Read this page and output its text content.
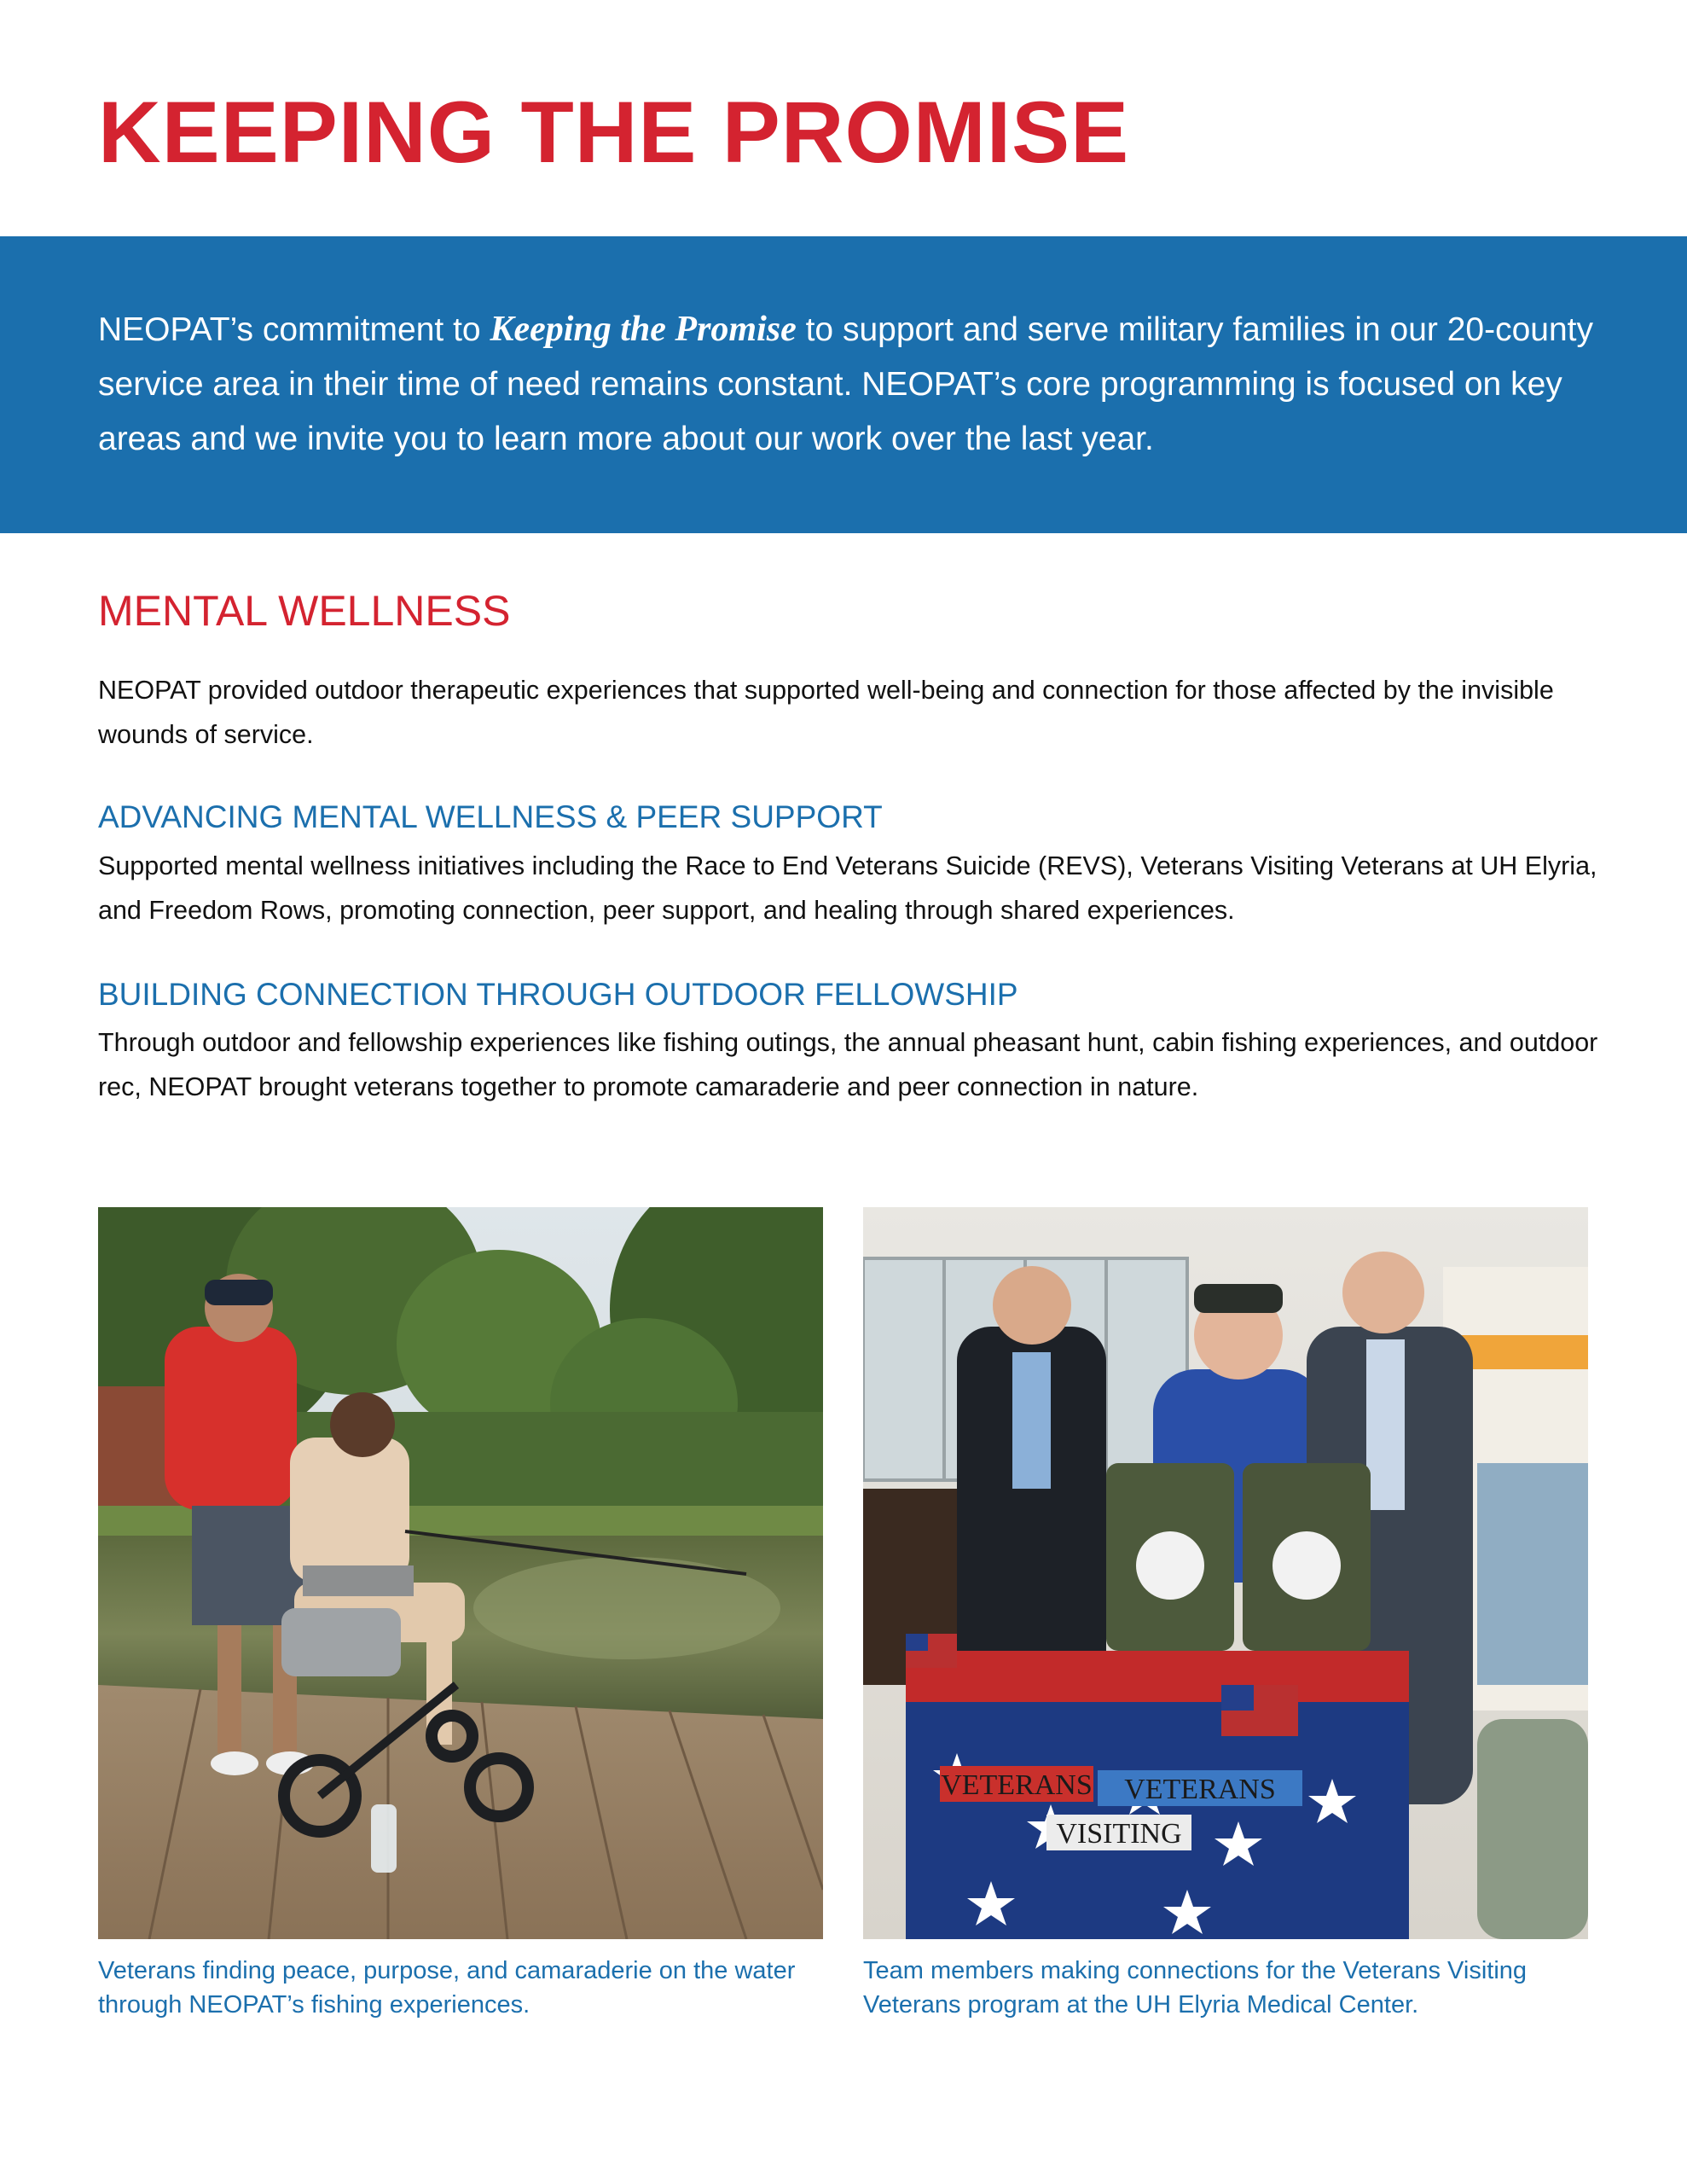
KEEPING THE PROMISE

NEOPAT’s commitment to Keeping the Promise to support and serve military families in our 20-county service area in their time of need remains constant. NEOPAT’s core programming is focused on key areas and we invite you to learn more about our work over the last year.

MENTAL WELLNESS

NEOPAT provided outdoor therapeutic experiences that supported well-being and connection for those affected by the invisible wounds of service.

ADVANCING MENTAL WELLNESS & PEER SUPPORT

Supported mental wellness initiatives including the Race to End Veterans Suicide (REVS), Veterans Visiting Veterans at UH Elyria, and Freedom Rows, promoting connection, peer support, and healing through shared experiences.

BUILDING CONNECTION THROUGH OUTDOOR FELLOWSHIP

Through outdoor and fellowship experiences like fishing outings, the annual pheasant hunt, cabin fishing experiences, and outdoor rec, NEOPAT brought veterans together to promote camaraderie and peer connection in nature.

VETERANS VETERANS
VISITING

Veterans finding peace, purpose, and camaraderie on the water through NEOPAT’s fishing experiences.

Team members making connections for the Veterans Visiting Veterans program at the UH Elyria Medical Center.
